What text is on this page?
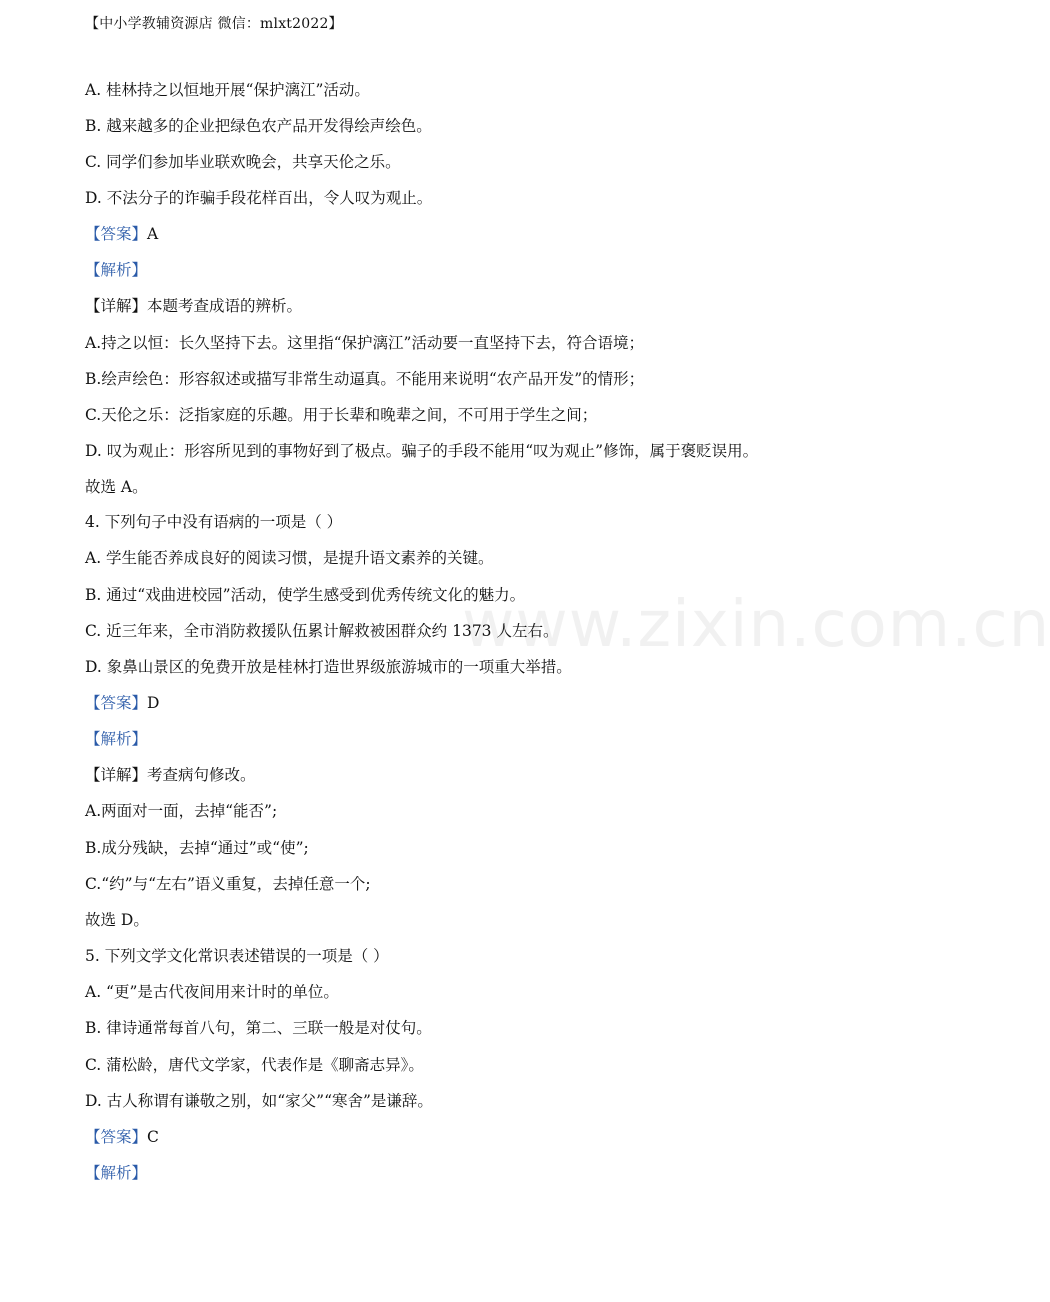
www.zixin.com.cn
【中小学教辅资源店 微信：mlxt2022】
A. 桂林持之以恒地开展“保护漓江”活动。
B. 越来越多的企业把绿色农产品开发得绘声绘色。
C. 同学们参加毕业联欢晚会，共享天伦之乐。
D. 不法分子的诈骗手段花样百出，令人叹为观止。
【答案】A
【解析】
【详解】本题考查成语的辨析。
A.持之以恒：长久坚持下去。这里指“保护漓江”活动要一直坚持下去，符合语境；
B.绘声绘色：形容叙述或描写非常生动逼真。不能用来说明“农产品开发”的情形；
C.天伦之乐：泛指家庭的乐趣。用于长辈和晚辈之间，不可用于学生之间；
D. 叹为观止：形容所见到的事物好到了极点。骗子的手段不能用“叹为观止”修饰，属于褒贬误用。
故选 A。
4. 下列句子中没有语病的一项是（ ）
A. 学生能否养成良好的阅读习惯，是提升语文素养的关键。
B. 通过“戏曲进校园”活动，使学生感受到优秀传统文化的魅力。
C. 近三年来，全市消防救援队伍累计解救被困群众约 1373 人左右。
D. 象鼻山景区的免费开放是桂林打造世界级旅游城市的一项重大举措。
【答案】D
【解析】
【详解】考查病句修改。
A.两面对一面，去掉“能否”;
B.成分残缺，去掉“通过”或“使”;
C.“约”与“左右”语义重复，去掉任意一个;
故选 D。
5. 下列文学文化常识表述错误的一项是（ ）
A. “更”是古代夜间用来计时的单位。
B. 律诗通常每首八句，第二、三联一般是对仗句。
C. 蒲松龄，唐代文学家，代表作是《聊斋志异》。
D. 古人称谓有谦敬之别，如“家父”“寒舍”是谦辞。
【答案】C
【解析】
